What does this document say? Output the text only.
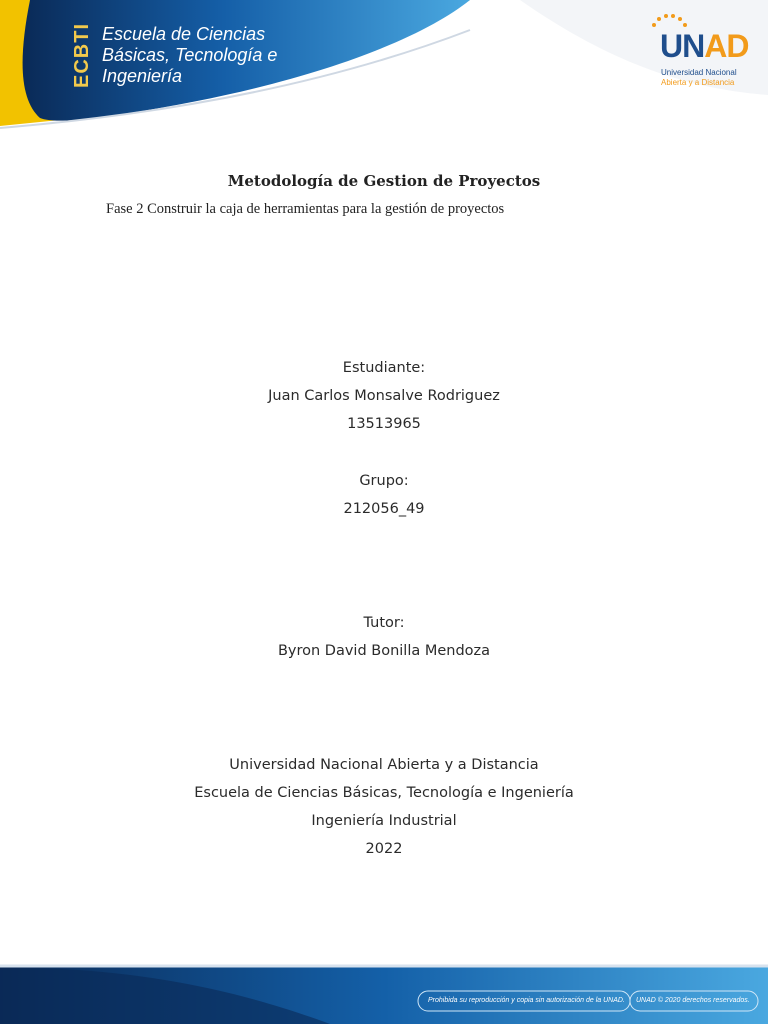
ECBTI Escuela de Ciencias
Básicas, Tecnología e
Ingeniería
UNAD
Universidad Nacional
Abierta y a Distancia
Metodología de Gestion de Proyectos
Fase 2 Construir la caja de herramientas para la gestión de proyectos
Estudiante:
Juan Carlos Monsalve Rodriguez
13513965
Grupo:
212056_49
Tutor:
Byron David Bonilla Mendoza
Universidad Nacional Abierta y a Distancia
Escuela de Ciencias Básicas, Tecnología e Ingeniería
Ingeniería Industrial
2022
Prohibida su reproducción y copia sin autorización de la UNAD. UNAD © 2020 derechos reservados.
